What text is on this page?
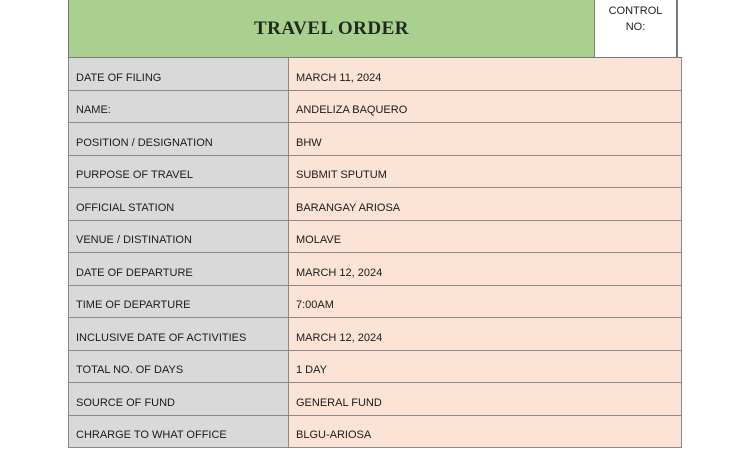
TRAVEL ORDER
CONTROL
NO:
DATE OF FILING	MARCH 11, 2024
NAME:	ANDELIZA BAQUERO
POSITION / DESIGNATION	BHW
PURPOSE OF TRAVEL	SUBMIT SPUTUM
OFFICIAL STATION	BARANGAY ARIOSA
VENUE / DISTINATION	MOLAVE
DATE OF DEPARTURE	MARCH 12, 2024
TIME OF DEPARTURE	7:00AM
INCLUSIVE DATE OF ACTIVITIES	MARCH 12, 2024
TOTAL NO. OF DAYS	1 DAY
SOURCE OF FUND	GENERAL FUND
CHRARGE TO WHAT OFFICE	BLGU-ARIOSA
